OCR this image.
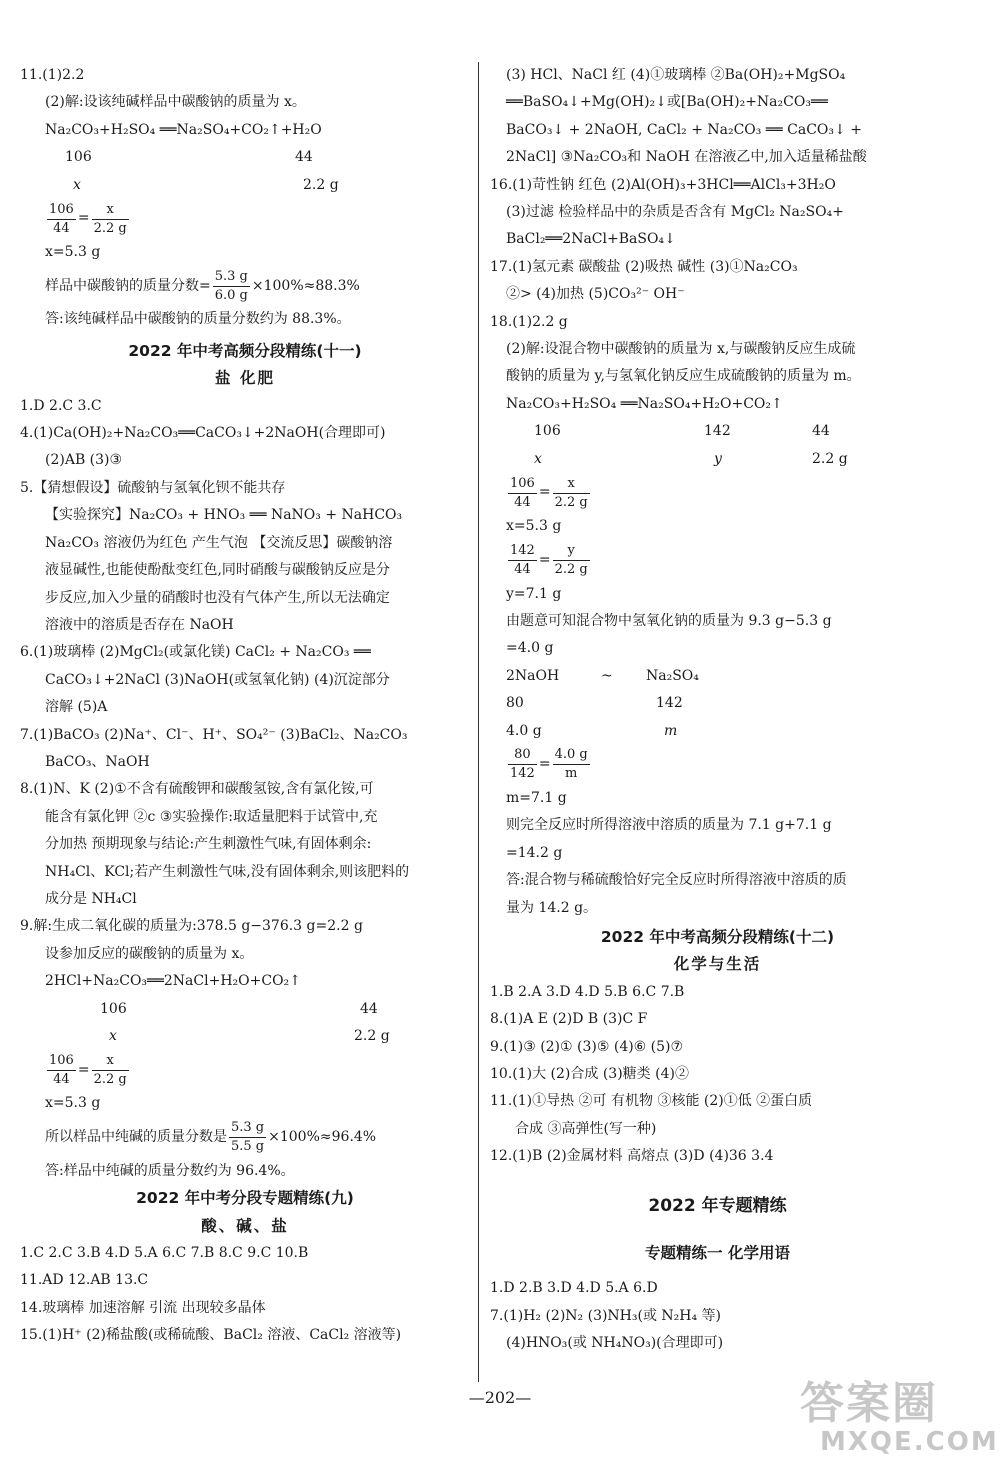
11.(1)2.2
(2)解:设该纯碱样品中碳酸钠的质量为 x。
Na₂CO₃+H₂SO₄ ══Na₂SO₄+CO₂↑+H₂O
106	44
x	2.2 g
$\frac{106}{44} = \frac{x}{2.2 g}$
x=5.3 g
样品中碳酸钠的质量分数= $\frac{5.3 g}{6.0 g} \times 100\%\approx 88.3\%$
答:该纯碱样品中碳酸钠的质量分数约为 88.3%。
2022 年中考高频分段精练(十一)
盐 化肥
1.D 2.C 3.C
4.(1)Ca(OH)₂+Na₂CO₃══CaCO₃↓+2NaOH(合理即可)
(2)AB (3)③
5.【猜想假设】硫酸钠与氢氧化钡不能共存
【实验探究】Na₂CO₃ + HNO₃ ══ NaNO₃ + NaHCO₃
Na₂CO₃ 溶液仍为红色 产生气泡 【交流反思】碳酸钠溶
液显碱性,也能使酚酞变红色,同时硝酸与碳酸钠反应是分
步反应,加入少量的硝酸时也没有气体产生,所以无法确定
溶液中的溶质是否存在 NaOH
6.(1)玻璃棒 (2)MgCl₂(或氯化镁) CaCl₂ + Na₂CO₃ ══
CaCO₃↓+2NaCl (3)NaOH(或氢氧化钠) (4)沉淀部分
溶解 (5)A
7.(1)BaCO₃ (2)Na⁺、Cl⁻、H⁺、SO₄²⁻ (3)BaCl₂、Na₂CO₃
BaCO₃、NaOH
8.(1)N、K (2)①不含有硫酸钾和碳酸氢铵,含有氯化铵,可
能含有氯化钾 ②c ③实验操作:取适量肥料于试管中,充
分加热 预期现象与结论:产生刺激性气味,有固体剩余:
NH₄Cl、KCl;若产生刺激性气味,没有固体剩余,则该肥料的
成分是 NH₄Cl
9.解:生成二氧化碳的质量为:378.5 g−376.3 g=2.2 g
设参加反应的碳酸钠的质量为 x。
2HCl+Na₂CO₃══2NaCl+H₂O+CO₂↑
106	44
x	2.2 g
$\frac{106}{44} = \frac{x}{2.2 g}$
x=5.3 g
所以样品中纯碱的质量分数是 $\frac{5.3 g}{5.5 g} \times 100\%\approx 96.4\%$
答:样品中纯碱的质量分数约为 96.4%。
2022 年中考分段专题精练(九)
酸、碱、盐
1.C 2.C 3.B 4.D 5.A 6.C 7.B 8.C 9.C 10.B
11.AD 12.AB 13.C
14.玻璃棒 加速溶解 引流 出现较多晶体
15.(1)H⁺ (2)稀盐酸(或稀硫酸、BaCl₂ 溶液、CaCl₂ 溶液等)
(3) HCl、NaCl 红 (4)①玻璃棒 ②Ba(OH)₂+MgSO₄
══BaSO₄↓+Mg(OH)₂↓或[Ba(OH)₂+Na₂CO₃══
BaCO₃↓ + 2NaOH, CaCl₂ + Na₂CO₃ ══ CaCO₃↓ +
2NaCl] ③Na₂CO₃和 NaOH 在溶液乙中,加入适量稀盐酸
16.(1)苛性钠 红色 (2)Al(OH)₃+3HCl══AlCl₃+3H₂O
(3)过滤 检验样品中的杂质是否含有 MgCl₂ Na₂SO₄+
BaCl₂══2NaCl+BaSO₄↓
17.(1)氢元素 碳酸盐 (2)吸热 碱性 (3)①Na₂CO₃
②> (4)加热 (5)CO₃²⁻ OH⁻
18.(1)2.2 g
(2)解:设混合物中碳酸钠的质量为 x,与碳酸钠反应生成硫
酸钠的质量为 y,与氢氧化钠反应生成硫酸钠的质量为 m。
Na₂CO₃+H₂SO₄ ══Na₂SO₄+H₂O+CO₂↑
106	142	44
x	y	2.2 g
$\frac{106}{44} = \frac{x}{2.2 g}$
x=5.3 g
$\frac{142}{44} = \frac{y}{2.2 g}$
y=7.1 g
由题意可知混合物中氢氧化钠的质量为 9.3 g−5.3 g
=4.0 g
2NaOH	~	Na₂SO₄
80	142
4.0 g	m
$\frac{80}{142} = \frac{4.0 g}{m}$
m=7.1 g
则完全反应时所得溶液中溶质的质量为 7.1 g+7.1 g
=14.2 g
答:混合物与稀硫酸恰好完全反应时所得溶液中溶质的质
量为 14.2 g。
2022 年中考高频分段精练(十二)
化学与生活
1.B 2.A 3.D 4.D 5.B 6.C 7.B
8.(1)A E (2)D B (3)C F
9.(1)③ (2)① (3)⑤ (4)⑥ (5)⑦
10.(1)大 (2)合成 (3)糖类 (4)②
11.(1)①导热 ②可 有机物 ③核能 (2)①低 ②蛋白质
合成 ③高弹性(写一种)
12.(1)B (2)金属材料 高熔点 (3)D (4)36 3.4
2022 年专题精练
专题精练一 化学用语
1.D 2.B 3.D 4.D 5.A 6.D
7.(1)H₂ (2)N₂ (3)NH₃(或 N₂H₄ 等)
(4)HNO₃(或 NH₄NO₃)(合理即可)
—202—	答案圈
MXQE.COM
